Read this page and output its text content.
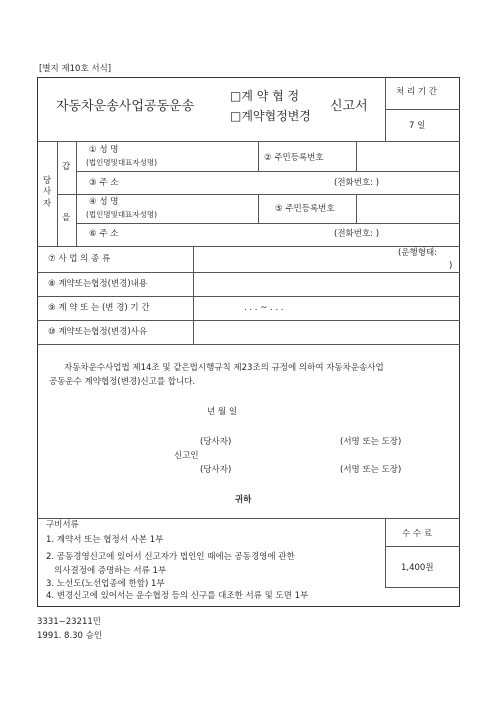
[별지 제10호 서식]
자동차운송사업공동운송
□계 약 협 정
□계약협정변경
신고서
처 리 기 간
7 일
당사자
갑
을
① 성 명
(법인명및대표자성명)	② 주민등록번호
③ 주 소	(전화번호: )
④ 성 명
(법인명및대표자성명)
⑤ 주민등록번호
⑥ 주 소	(전화번호: )
⑦ 사 업 의 종 류
(운행형태:
)
⑧ 계약또는협정(변경)내용
⑨ 계 약 또 는 (변 경) 기 간	. . . ~ . . .
⑩ 계약또는협정(변경)사유
자동차운수사업법 제14조 및 같은법시행규칙 제23조의 규정에 의하여 자동차운송사업
공동운수 계약협정(변경)신고를 합니다.
년 월 일
(당사자)	(서명 또는 도장)
신고인
(당사자)	(서명 또는 도장)
귀하
구비서류
1. 계약서 또는 협정서 사본 1부
2. 공동경영신고에 있어서 신고자가 법인인 때에는 공동경영에 관한
의사결정에 증명하는 서류 1부
3. 노선도(노선업종에 한함) 1부
4. 변경신고에 있어서는 운수협정 등의 신구를 대조한 서류 및 도면 1부
수 수 료
1,400원
3331−23211민
1991. 8.30 승인
